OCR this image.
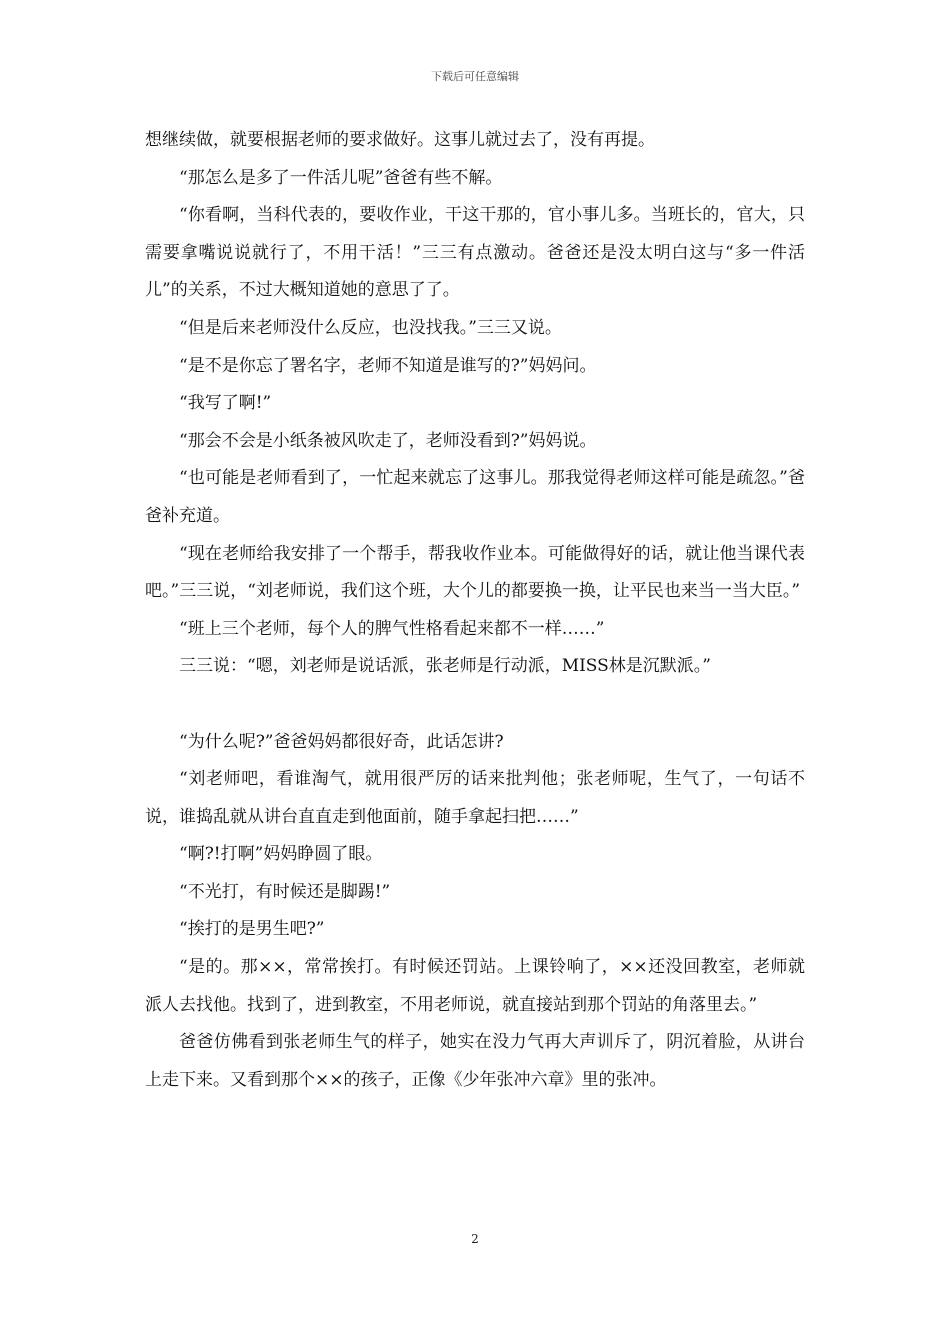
下载后可任意编辑

想继续做，就要根据老师的要求做好。这事儿就过去了，没有再提。

“那怎么是多了一件活儿呢”爸爸有些不解。

“你看啊，当科代表的，要收作业，干这干那的，官小事儿多。当班长的，官大，只需要拿嘴说说就行了，不用干活！”三三有点激动。爸爸还是没太明白这与“多一件活儿”的关系，不过大概知道她的意思了了。

“但是后来老师没什么反应，也没找我。”三三又说。

“是不是你忘了署名字，老师不知道是谁写的?”妈妈问。

“我写了啊!”

“那会不会是小纸条被风吹走了，老师没看到?”妈妈说。

“也可能是老师看到了，一忙起来就忘了这事儿。那我觉得老师这样可能是疏忽。”爸爸补充道。

“现在老师给我安排了一个帮手，帮我收作业本。可能做得好的话，就让他当课代表吧。”三三说，“刘老师说，我们这个班，大个儿的都要换一换，让平民也来当一当大臣。”

“班上三个老师，每个人的脾气性格看起来都不一样……”

三三说：“嗯，刘老师是说话派，张老师是行动派，MISS林是沉默派。”

“为什么呢?”爸爸妈妈都很好奇，此话怎讲?

“刘老师吧，看谁淘气，就用很严厉的话来批判他；张老师呢，生气了，一句话不说，谁捣乱就从讲台直直走到他面前，随手拿起扫把……”

“啊?!打啊”妈妈睁圆了眼。

“不光打，有时候还是脚踢!”

“挨打的是男生吧?”

“是的。那××，常常挨打。有时候还罚站。上课铃响了，××还没回教室，老师就派人去找他。找到了，进到教室，不用老师说，就直接站到那个罚站的角落里去。”

爸爸仿佛看到张老师生气的样子，她实在没力气再大声训斥了，阴沉着脸，从讲台上走下来。又看到那个××的孩子，正像《少年张冲六章》里的张冲。

2
